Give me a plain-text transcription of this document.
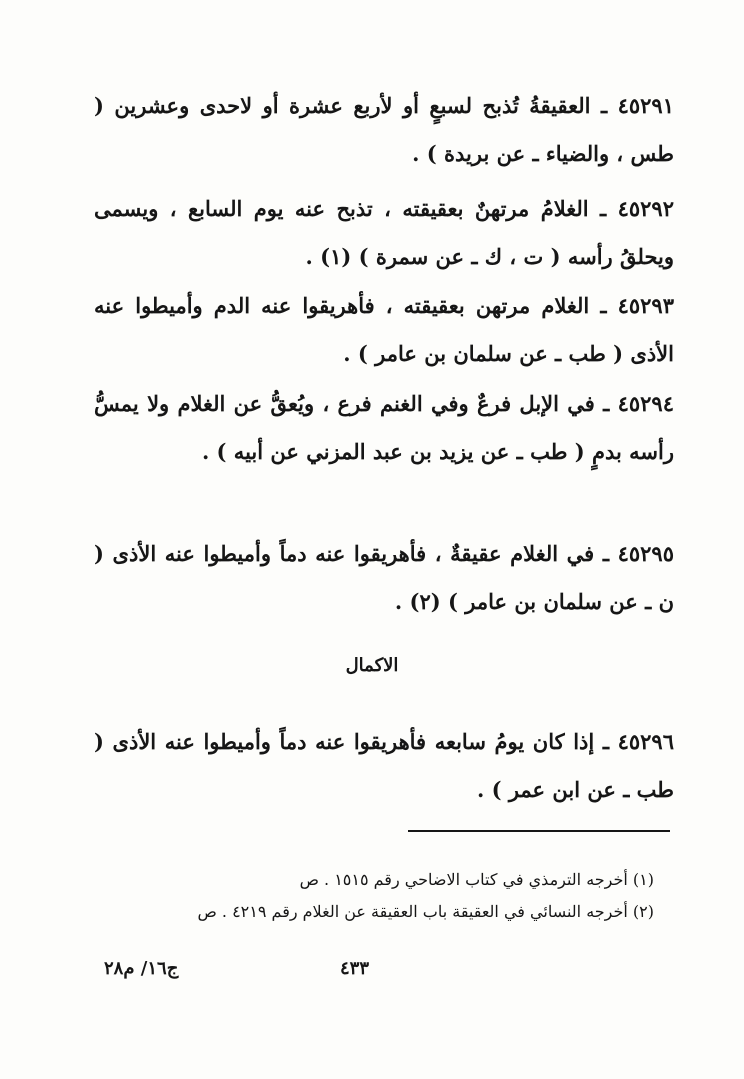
٤٥٢٩١ ـ العقيقةُ تُذبح لسبعٍ أو لأربع عشرة أو لاحدى وعشرين ( طس ، والضياء ـ عن بريدة ) .

٤٥٢٩٢ ـ الغلامُ مرتهنٌ بعقيقته ، تذبح عنه يوم السابع ، ويسمى ويحلقُ رأسه ( ت ، ك ـ عن سمرة ) (١) .

٤٥٢٩٣ ـ الغلام مرتهن بعقيقته ، فأهريقوا عنه الدم وأميطوا عنه الأذى ( طب ـ عن سلمان بن عامر ) .

٤٥٢٩٤ ـ في الإبل فرعٌ وفي الغنم فرع ، ويُعقُّ عن الغلام ولا يمسُّ رأسه بدمٍ ( طب ـ عن يزيد بن عبد المزني عن أبيه ) .

٤٥٢٩٥ ـ في الغلام عقيقةٌ ، فأهريقوا عنه دماً وأميطوا عنه الأذى ( ن ـ عن سلمان بن عامر ) (٢) .

الاكمال

٤٥٢٩٦ ـ إذا كان يومُ سابعه فأهريقوا عنه دماً وأميطوا عنه الأذى ( طب ـ عن ابن عمر ) .

(١) أخرجه الترمذي في كتاب الاضاحي رقم ١٥١٥ . ص
(٢) أخرجه النسائي في العقيقة باب العقيقة عن الغلام رقم ٤٢١٩ . ص
٤٣٣
ج١٦/ م٢٨
